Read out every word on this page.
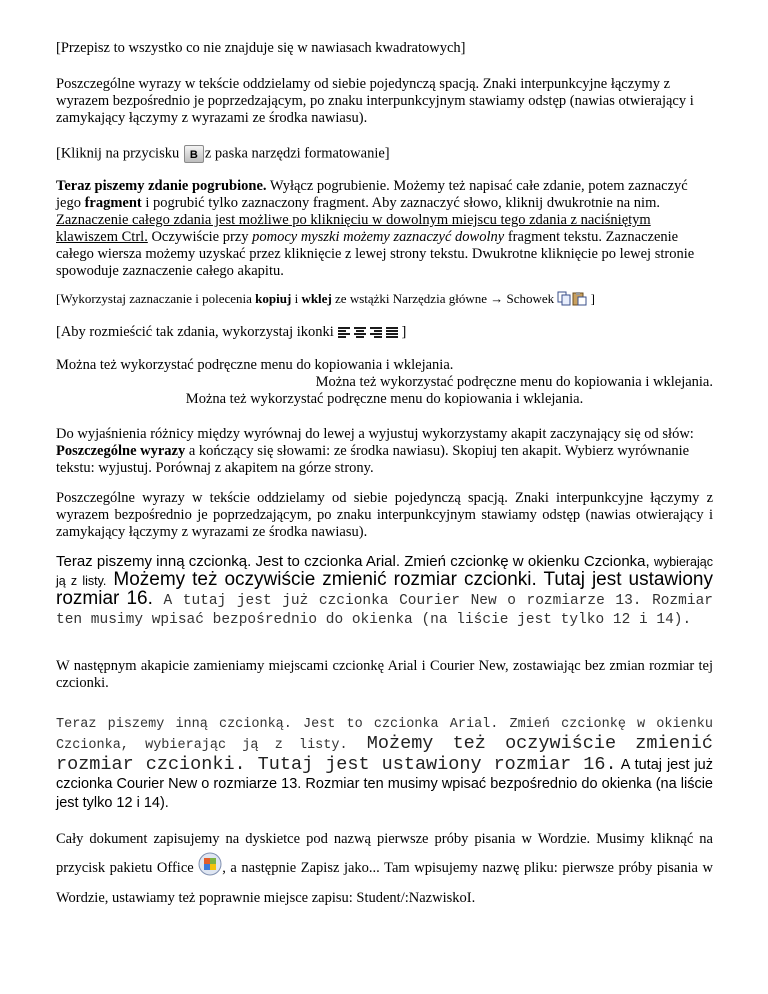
[Przepisz to wszystko co nie znajduje się w nawiasach kwadratowych]

Poszczególne wyrazy w tekście oddzielamy od siebie pojedynczą spacją. Znaki interpunkcyjne łączymy z wyrazem bezpośrednio je poprzedzającym, po znaku interpunkcyjnym stawiamy odstęp (nawias otwierający i zamykający łączymy z wyrazami ze środka nawiasu).

[Kliknij na przycisku B z paska narzędzi formatowanie]

Teraz piszemy zdanie pogrubione. Wyłącz pogrubienie. Możemy też napisać całe zdanie, potem zaznaczyć jego fragment i pogrubić tylko zaznaczony fragment. Aby zaznaczyć słowo, kliknij dwukrotnie na nim. Zaznaczenie całego zdania jest możliwe po kliknięciu w dowolnym miejscu tego zdania z naciśniętym klawiszem Ctrl. Oczywiście przy pomocy myszki możemy zaznaczyć dowolny fragment tekstu. Zaznaczenie całego wiersza możemy uzyskać przez kliknięcie z lewej strony tekstu. Dwukrotne kliknięcie po lewej stronie spowoduje zaznaczenie całego akapitu.

[Wykorzystaj zaznaczanie i polecenia kopiuj i wklej ze wstążki Narzędzia główne → Schowek  ]

[Aby rozmieścić tak zdania, wykorzystaj ikonki	]

Można też wykorzystać podręczne menu do kopiowania i wklejania.

Można też wykorzystać podręczne menu do kopiowania i wklejania.

Można też wykorzystać podręczne menu do kopiowania i wklejania.

Do wyjaśnienia różnicy między wyrównaj do lewej a wyjustuj wykorzystamy akapit zaczynający się od słów: Poszczególne wyrazy a kończący się słowami: ze środka nawiasu). Skopiuj ten akapit. Wybierz wyrównanie tekstu: wyjustuj. Porównaj z akapitem na górze strony.

Poszczególne wyrazy w tekście oddzielamy od siebie pojedynczą spacją. Znaki interpunkcyjne łączymy z wyrazem bezpośrednio je poprzedzającym, po znaku interpunkcyjnym stawiamy odstęp (nawias otwierający i zamykający łączymy z wyrazami ze środka nawiasu).

Teraz piszemy inną czcionką. Jest to czcionka Arial. Zmień czcionkę w okienku Czcionka, wybierając ją z listy. Możemy też oczywiście zmienić rozmiar czcionki. Tutaj jest ustawiony rozmiar 16. A tutaj jest już czcionka Courier New o rozmiarze 13. Rozmiar ten musimy wpisać bezpośrednio do okienka (na liście jest tylko 12 i 14).

W następnym akapicie zamieniamy miejscami czcionkę Arial i Courier New, zostawiając bez zmian rozmiar tej czcionki.

Teraz piszemy inną czcionką. Jest to czcionka Arial. Zmień czcionkę w okienku Czcionka, wybierając ją z listy. Możemy też oczywiście zmienić rozmiar czcionki. Tutaj jest ustawiony rozmiar 16. A tutaj jest już czcionka Courier New o rozmiarze 13. Rozmiar ten musimy wpisać bezpośrednio do okienka (na liście jest tylko 12 i 14).

Cały dokument zapisujemy na dyskietce pod nazwą pierwsze próby pisania w Wordzie. Musimy kliknąć na przycisk pakietu Office , a następnie Zapisz jako... Tam wpisujemy nazwę pliku: pierwsze próby pisania w Wordzie, ustawiamy też poprawnie miejsce zapisu: Student/:NazwiskoI.
